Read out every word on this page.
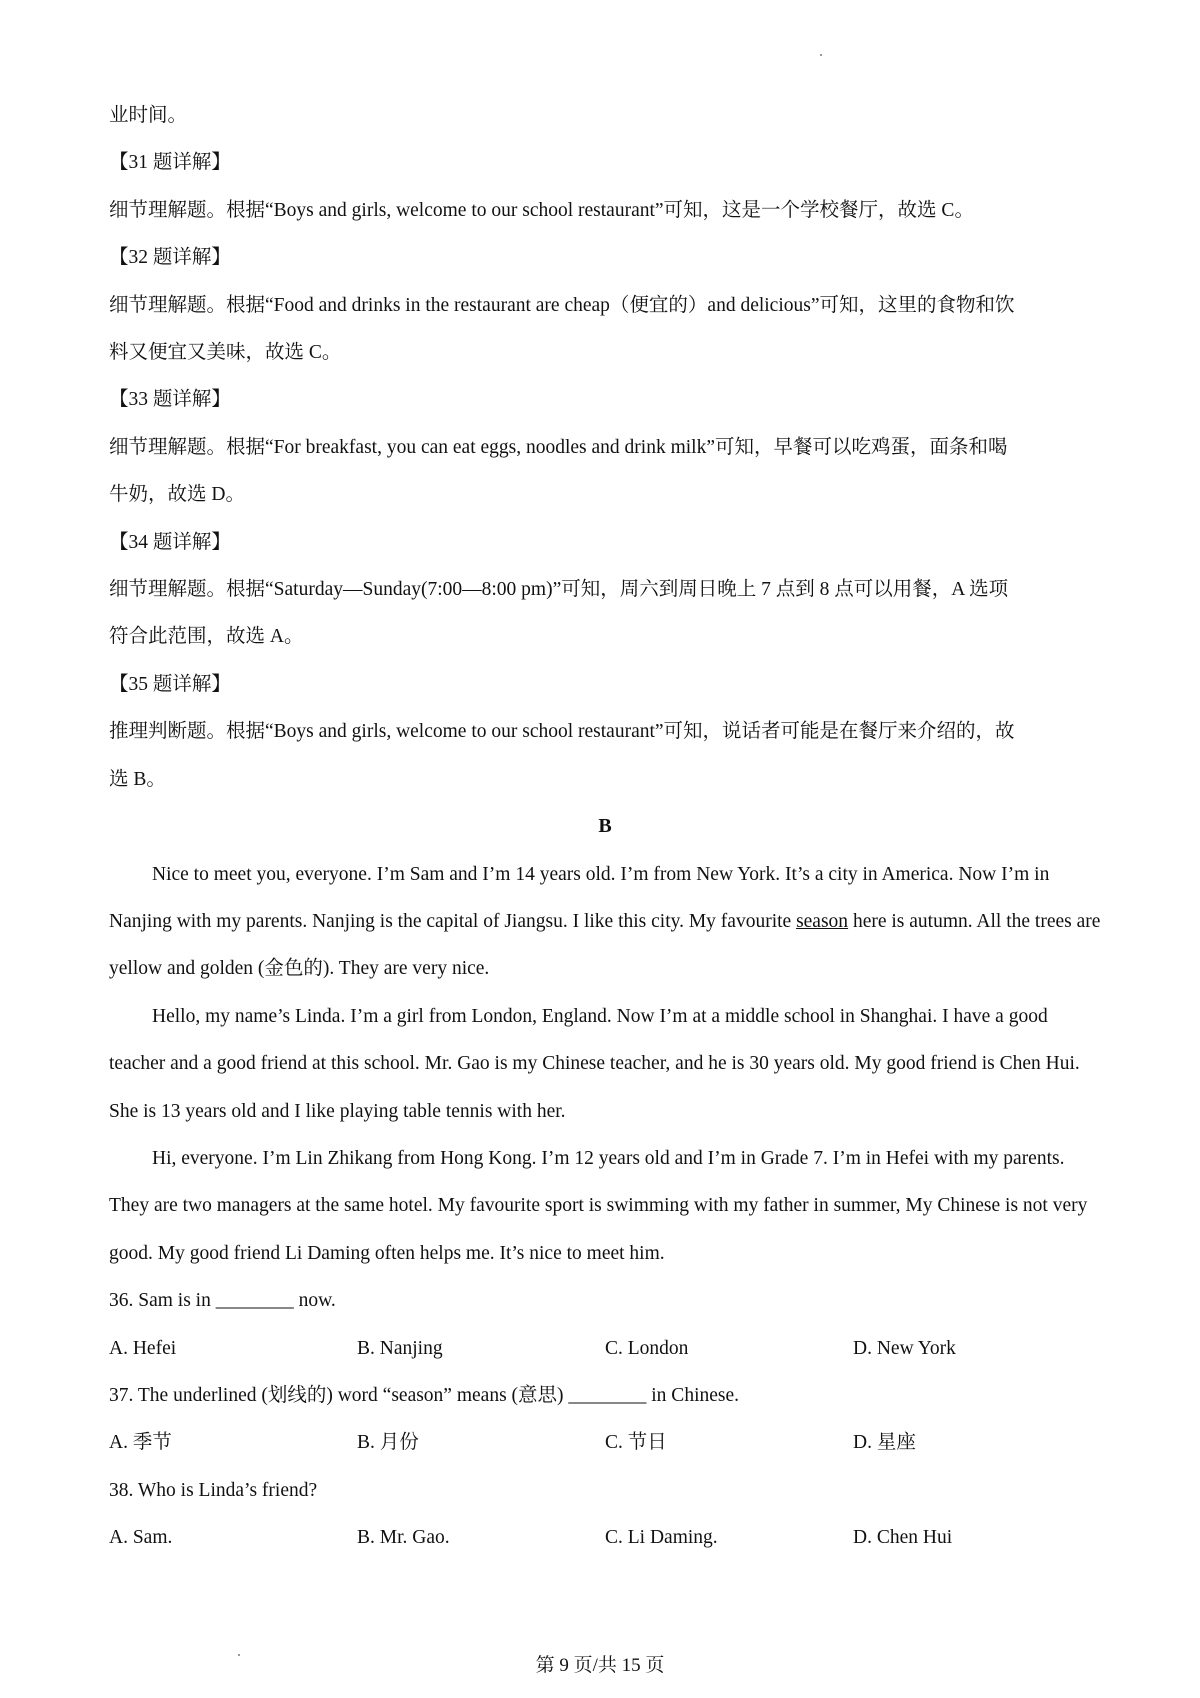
业时间。

【31 题详解】

细节理解题。根据“Boys and girls, welcome to our school restaurant”可知，这是一个学校餐厅，故选 C。

【32 题详解】

细节理解题。根据“Food and drinks in the restaurant are cheap（便宜的）and delicious”可知，这里的食物和饮

料又便宜又美味，故选 C。

【33 题详解】

细节理解题。根据“For breakfast, you can eat eggs, noodles and drink milk”可知，早餐可以吃鸡蛋，面条和喝

牛奶，故选 D。

【34 题详解】

细节理解题。根据“Saturday—Sunday(7:00—8:00 pm)”可知，周六到周日晚上 7 点到 8 点可以用餐，A 选项

符合此范围，故选 A。

【35 题详解】

推理判断题。根据“Boys and girls, welcome to our school restaurant”可知，说话者可能是在餐厅来介绍的，故

选 B。

B

Nice to meet you, everyone. I’m Sam and I’m 14 years old. I’m from New York. It’s a city in America. Now I’m in Nanjing with my parents. Nanjing is the capital of Jiangsu. I like this city. My favourite season here is autumn. All the trees are yellow and golden (金色的). They are very nice.

Hello, my name’s Linda. I’m a girl from London, England. Now I’m at a middle school in Shanghai. I have a good teacher and a good friend at this school. Mr. Gao is my Chinese teacher, and he is 30 years old. My good friend is Chen Hui. She is 13 years old and I like playing table tennis with her.

Hi, everyone. I’m Lin Zhikang from Hong Kong. I’m 12 years old and I’m in Grade 7. I’m in Hefei with my parents. They are two managers at the same hotel. My favourite sport is swimming with my father in summer, My Chinese is not very good. My good friend Li Daming often helps me. It’s nice to meet him.

36. Sam is in ________ now.

A. Hefei	B. Nanjing	C. London	D. New York

37. The underlined (划线的) word “season” means (意思) ________ in Chinese.

A. 季节	B. 月份	C. 节日	D. 星座

38. Who is Linda’s friend?

A. Sam.	B. Mr. Gao.	C. Li Daming.	D. Chen Hui
第 9 页/共 15 页
